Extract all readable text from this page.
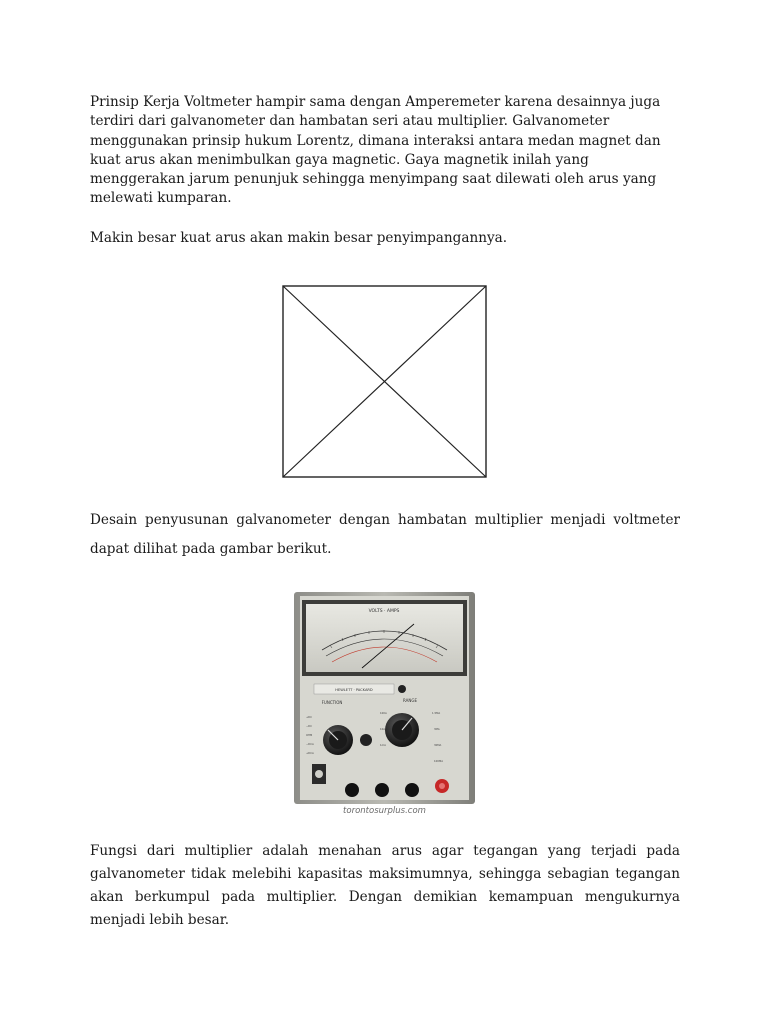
Prinsip Kerja Voltmeter hampir sama dengan Amperemeter karena desainnya juga terdiri dari galvanometer dan hambatan seri atau multiplier. Galvanometer menggunakan prinsip hukum Lorentz, dimana interaksi antara medan magnet dan kuat arus akan menimbulkan gaya magnetic. Gaya magnetik inilah yang menggerakan jarum penunjuk sehingga menyimpang saat dilewati oleh arus yang melewati kumparan.

Makin besar kuat arus akan makin besar penyimpangannya.

Desain penyusunan galvanometer dengan hambatan multiplier menjadi voltmeter dapat dilihat pada gambar berikut.

VOLTS · AMPS
HEWLETT · PACKARD
FUNCTION	RANGE
+DC
−DC
OHM
−DCA
+DCA
100A
10A
1mA
1.5MA
3MA
30MA
100MA
torontosurplus.com

Fungsi dari multiplier adalah menahan arus agar tegangan yang terjadi pada galvanometer tidak melebihi kapasitas maksimumnya, sehingga sebagian tegangan akan berkumpul pada multiplier. Dengan demikian kemampuan mengukurnya menjadi lebih besar.
